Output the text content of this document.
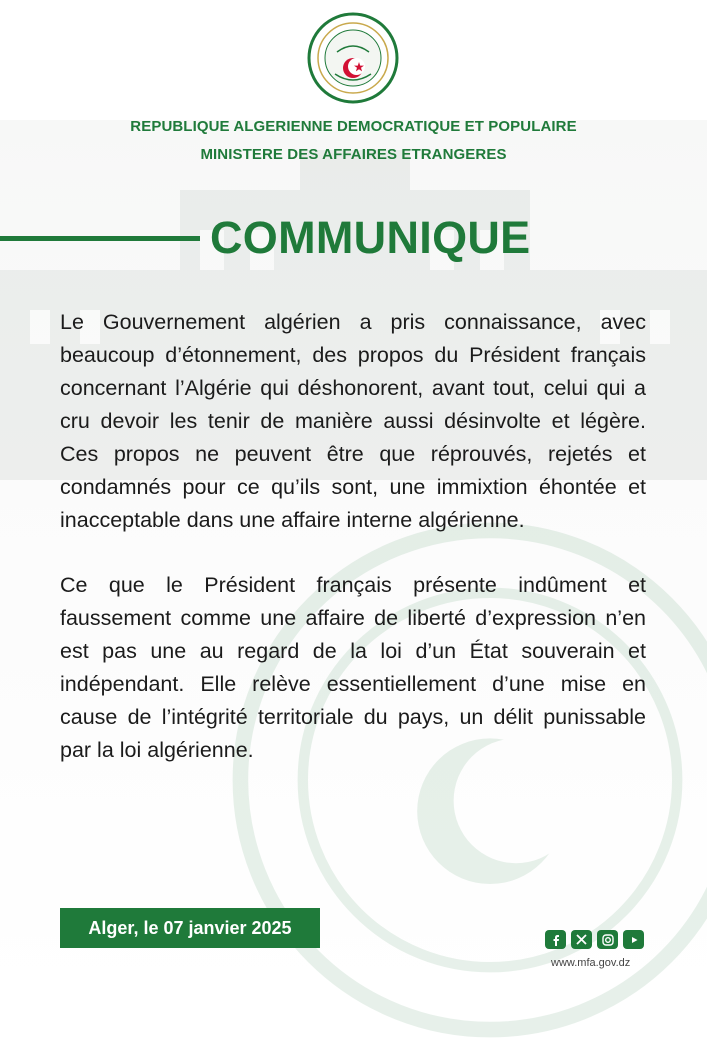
REPUBLIQUE ALGERIENNE DEMOCRATIQUE ET POPULAIRE
MINISTERE DES AFFAIRES ETRANGERES
COMMUNIQUE

Le Gouvernement algérien a pris connaissance, avec beaucoup d’étonnement, des propos du Président français concernant l’Algérie qui déshonorent, avant tout, celui qui a cru devoir les tenir de manière aussi désinvolte et légère. Ces propos ne peuvent être que réprouvés, rejetés et condamnés pour ce qu’ils sont, une immixtion éhontée et inacceptable dans une affaire interne algérienne.

Ce que le Président français présente indûment et faussement comme une affaire de liberté d’expression n’en est pas une au regard de la loi d’un État souverain et indépendant. Elle relève essentiellement d’une mise en cause de l’intégrité territoriale du pays, un délit punissable par la loi algérienne.

Alger, le 07 janvier 2025
www.mfa.gov.dz
